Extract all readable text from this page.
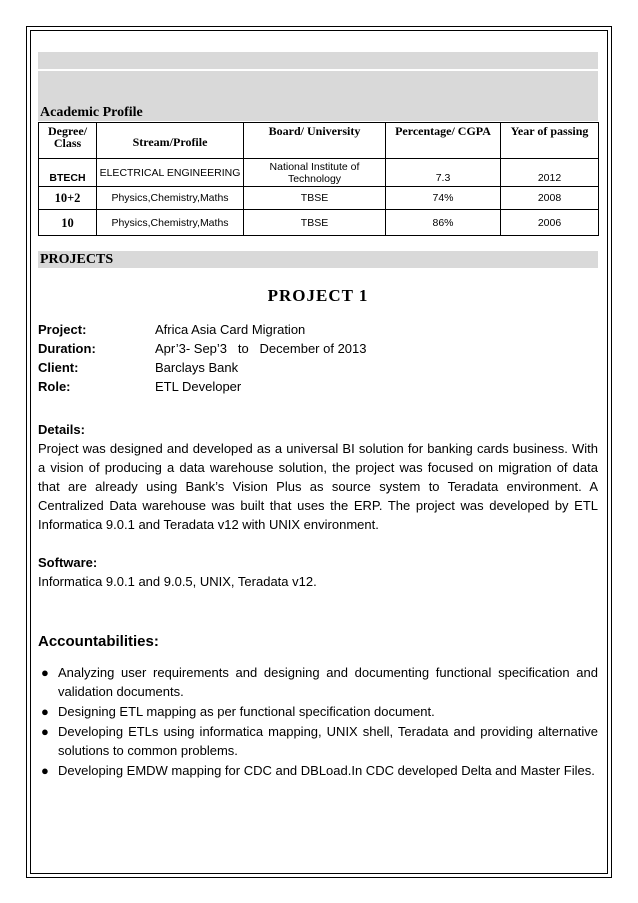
Academic Profile
Degree/ Class	Stream/Profile	Board/ University	Percentage/ CGPA	Year of passing
BTECH	ELECTRICAL ENGINEERING	National Institute of Technology	7.3	2012
10+2	Physics,Chemistry,Maths	TBSE	74%	2008
10	Physics,Chemistry,Maths	TBSE	86%	2006
PROJECTS
PROJECT 1
Project:	Africa Asia Card Migration
Duration:	Apr’3- Sep’3   to   December of 2013
Client:	Barclays Bank
Role:	ETL Developer
Details:
Project was designed and developed as a universal BI solution for banking cards business. With a vision of producing a data warehouse solution, the project was focused on migration of data that are already using Bank’s Vision Plus as source system to Teradata environment. A Centralized Data warehouse was built that uses the ERP. The project was developed by ETL Informatica 9.0.1 and Teradata v12 with UNIX environment.
Software:
Informatica 9.0.1 and 9.0.5, UNIX, Teradata v12.
Accountabilities:
● Analyzing user requirements and designing and documenting functional specification and validation documents.
● Designing ETL mapping as per functional specification document.
● Developing ETLs using informatica mapping, UNIX shell, Teradata and providing alternative solutions to common problems.
● Developing EMDW mapping for CDC and DBLoad.In CDC developed Delta and Master Files.
